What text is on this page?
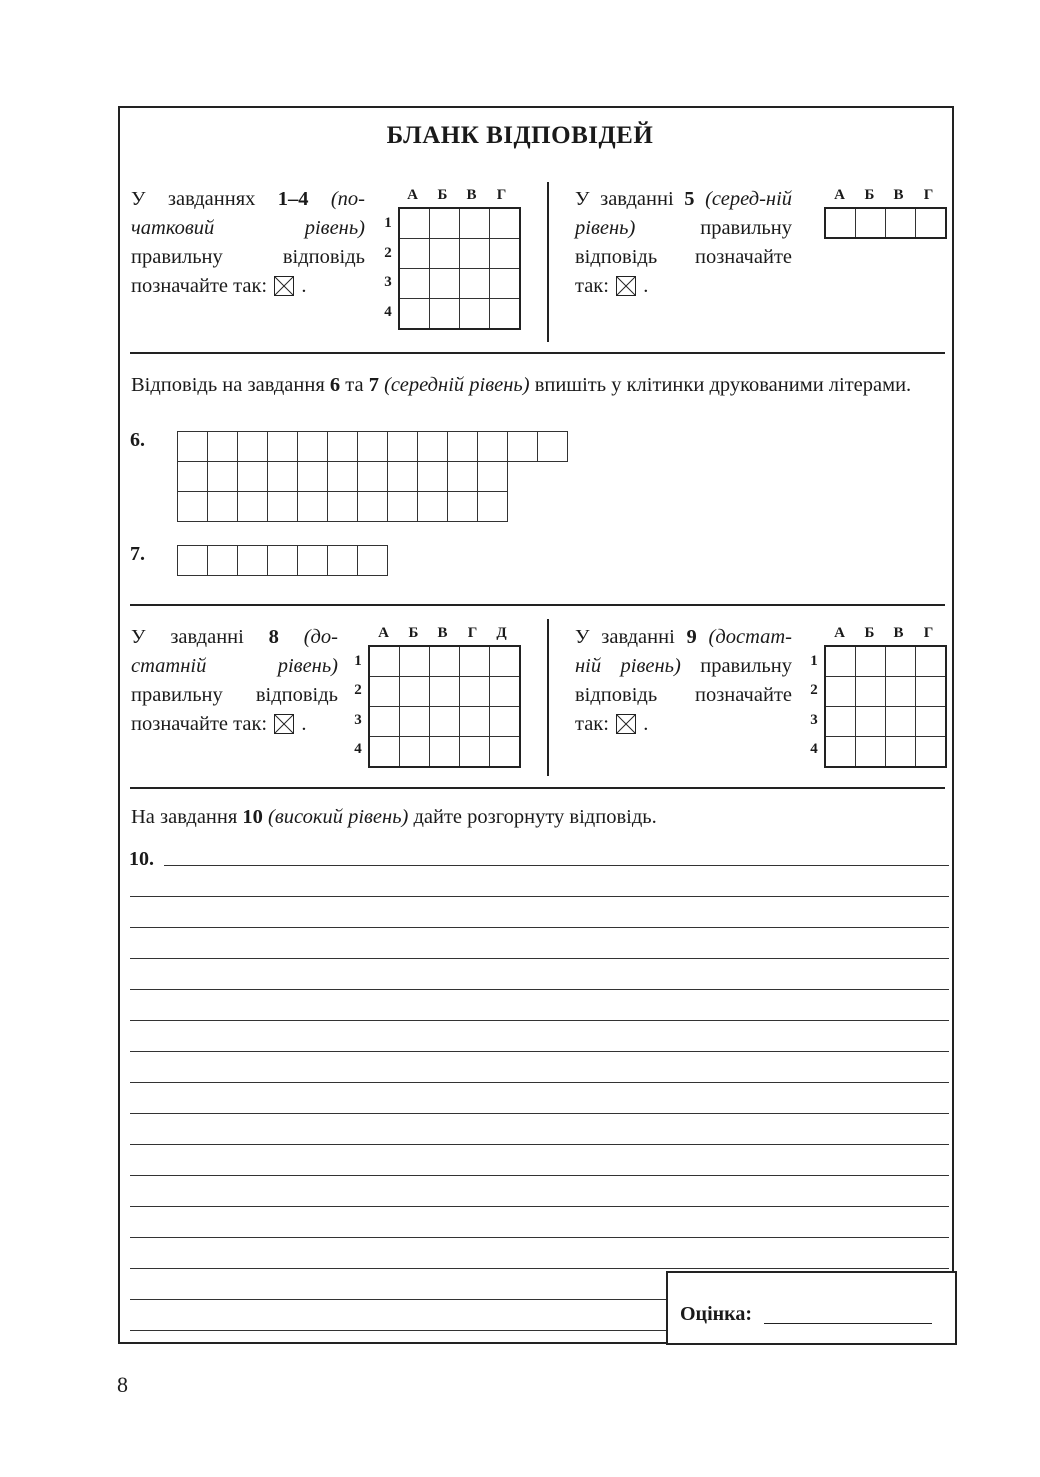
БЛАНК ВІДПОВІДЕЙ
У завданнях 1–4 (по-чатковий рівень) правильну відповідь позначайте так: ☒ .
А	Б	В	Г
1
2
3
4

У завданні 5 (серед-ній рівень) правильну відповідь позначайте так: ☒ .
А	Б	В	Г

Відповідь на завдання 6 та 7 (середній рівень) впишіть у клітинки друкованими літерами.
6.

7.

У завданні 8 (до-статній рівень) правильну відповідь позначайте так: ☒ .
А	Б	В	Г	Д
1
2
3
4

У завданні 9 (достат-ній рівень) правильну відповідь позначайте так: ☒ .
А	Б	В	Г
1
2
3
4

На завдання 10 (високий рівень) дайте розгорнуту відповідь.
10.
Оцінка:
8
